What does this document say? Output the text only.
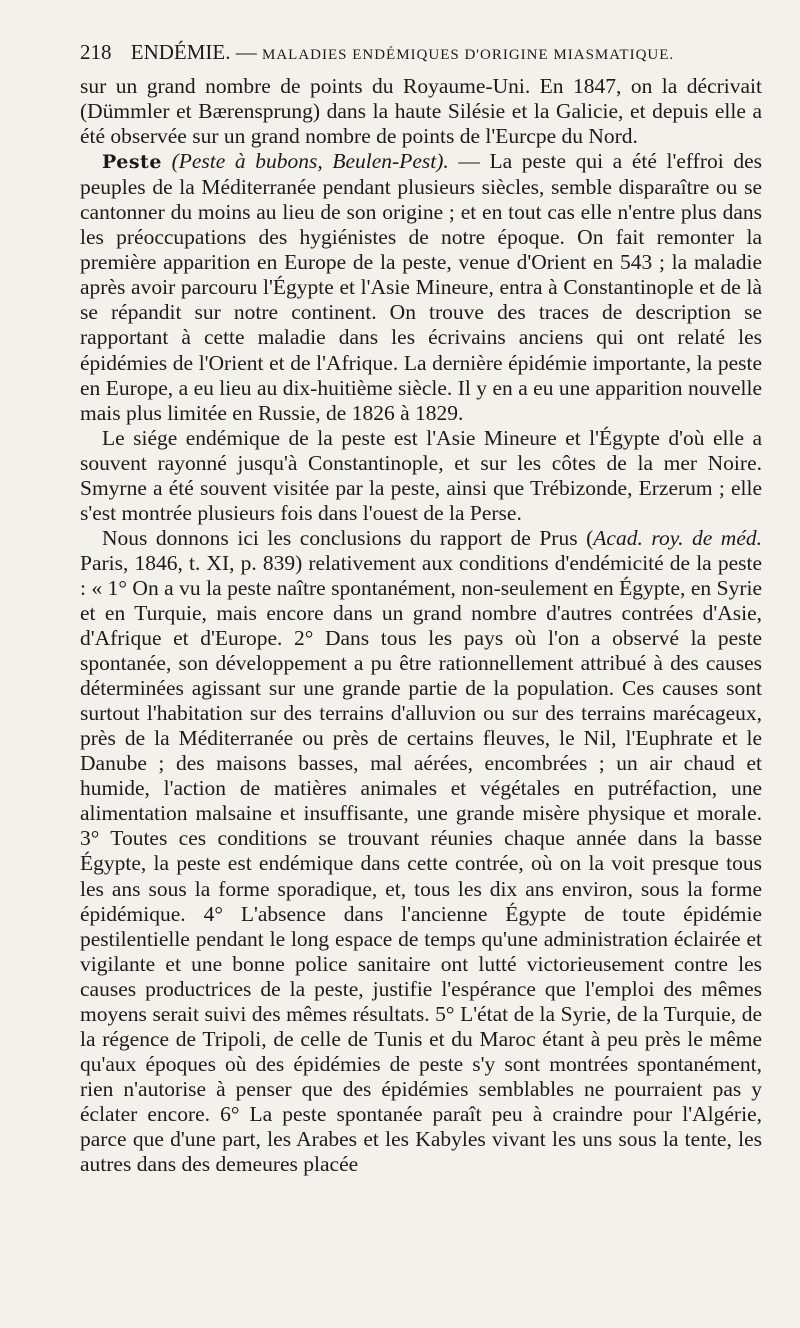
218 ENDÉMIE. — MALADIES ENDÉMIQUES D'ORIGINE MIASMATIQUE.

sur un grand nombre de points du Royaume-Uni. En 1847, on la décrivait (Dümmler et Bærensprung) dans la haute Silésie et la Galicie, et depuis elle a été observée sur un grand nombre de points de l'Eurcpe du Nord.

Peste (Peste à bubons, Beulen-Pest). — La peste qui a été l'effroi des peuples de la Méditerranée pendant plusieurs siècles, semble disparaître ou se cantonner du moins au lieu de son origine ; et en tout cas elle n'entre plus dans les préoccupations des hygiénistes de notre époque. On fait remonter la première apparition en Europe de la peste, venue d'Orient en 543 ; la maladie après avoir parcouru l'Égypte et l'Asie Mineure, entra à Constantinople et de là se répandit sur notre continent. On trouve des traces de description se rapportant à cette maladie dans les écrivains anciens qui ont relaté les épidémies de l'Orient et de l'Afrique. La dernière épidémie importante, la peste en Europe, a eu lieu au dix-huitième siècle. Il y en a eu une apparition nouvelle mais plus limitée en Russie, de 1826 à 1829.

Le siége endémique de la peste est l'Asie Mineure et l'Égypte d'où elle a souvent rayonné jusqu'à Constantinople, et sur les côtes de la mer Noire. Smyrne a été souvent visitée par la peste, ainsi que Trébizonde, Erzerum ; elle s'est montrée plusieurs fois dans l'ouest de la Perse.

Nous donnons ici les conclusions du rapport de Prus (Acad. roy. de méd. Paris, 1846, t. XI, p. 839) relativement aux conditions d'endémicité de la peste : « 1° On a vu la peste naître spontanément, non-seulement en Égypte, en Syrie et en Turquie, mais encore dans un grand nombre d'autres contrées d'Asie, d'Afrique et d'Europe. 2° Dans tous les pays où l'on a observé la peste spontanée, son développement a pu être rationnellement attribué à des causes déterminées agissant sur une grande partie de la population. Ces causes sont surtout l'habitation sur des terrains d'alluvion ou sur des terrains marécageux, près de la Méditerranée ou près de certains fleuves, le Nil, l'Euphrate et le Danube ; des maisons basses, mal aérées, encombrées ; un air chaud et humide, l'action de matières animales et végétales en putréfaction, une alimentation malsaine et insuffisante, une grande misère physique et morale. 3° Toutes ces conditions se trouvant réunies chaque année dans la basse Égypte, la peste est endémique dans cette contrée, où on la voit presque tous les ans sous la forme sporadique, et, tous les dix ans environ, sous la forme épidémique. 4° L'absence dans l'ancienne Égypte de toute épidémie pestilentielle pendant le long espace de temps qu'une administration éclairée et vigilante et une bonne police sanitaire ont lutté victorieusement contre les causes productrices de la peste, justifie l'espérance que l'emploi des mêmes moyens serait suivi des mêmes résultats. 5° L'état de la Syrie, de la Turquie, de la régence de Tripoli, de celle de Tunis et du Maroc étant à peu près le même qu'aux époques où des épidémies de peste s'y sont montrées spontanément, rien n'autorise à penser que des épidémies semblables ne pourraient pas y éclater encore. 6° La peste spontanée paraît peu à craindre pour l'Algérie, parce que d'une part, les Arabes et les Kabyles vivant les uns sous la tente, les autres dans des demeures placée
